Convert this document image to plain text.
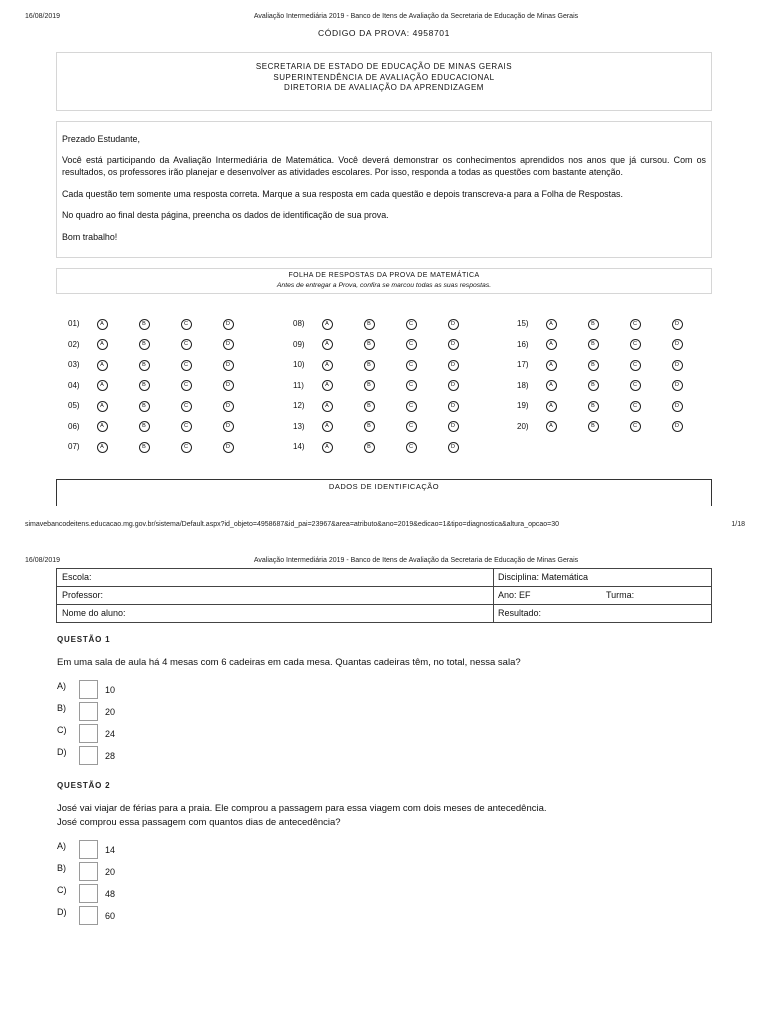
16/08/2019	Avaliação Intermediária 2019 - Banco de Itens de Avaliação da Secretaria de Educação de Minas Gerais
CÓDIGO DA PROVA: 4958701
SECRETARIA DE ESTADO DE EDUCAÇÃO DE MINAS GERAIS
SUPERINTENDÊNCIA DE AVALIAÇÃO EDUCACIONAL
DIRETORIA DE AVALIAÇÃO DA APRENDIZAGEM
Prezado Estudante,
Você está participando da Avaliação Intermediária de Matemática. Você deverá demonstrar os conhecimentos aprendidos nos anos que já cursou. Com os resultados, os professores irão planejar e desenvolver as atividades escolares. Por isso, responda a todas as questões com bastante atenção.
Cada questão tem somente uma resposta correta. Marque a sua resposta em cada questão e depois transcreva-a para a Folha de Respostas.
No quadro ao final desta página, preencha os dados de identificação de sua prova.
Bom trabalho!
FOLHA DE RESPOSTAS DA PROVA DE MATEMÁTICA
Antes de entregar a Prova, confira se marcou todas as suas respostas.
01)	A	B	C	D
02)	A	B	C	D
03)	A	B	C	D
04)	A	B	C	D
05)	A	B	C	D
06)	A	B	C	D
07)	A	B	C	D
08)	A	B	C	D
09)	A	B	C	D
10)	A	B	C	D
11)	A	B	C	D
12)	A	B	C	D
13)	A	B	C	D
14)	A	B	C	D
15)	A	B	C	D
16)	A	B	C	D
17)	A	B	C	D
18)	A	B	C	D
19)	A	B	C	D
20)	A	B	C	D
DADOS DE IDENTIFICAÇÃO
simavebancodeitens.educacao.mg.gov.br/sistema/Default.aspx?id_objeto=4958687&id_pai=23967&area=atributo&ano=2019&edicao=1&tipo=diagnostica&altura_opcao=30	1/18
16/08/2019	Avaliação Intermediária 2019 - Banco de Itens de Avaliação da Secretaria de Educação de Minas Gerais
Escola:	Disciplina: Matemática
Professor:	Ano: EF	Turma:
Nome do aluno:	Resultado:
QUESTÃO 1
Em uma sala de aula há 4 mesas com 6 cadeiras em cada mesa. Quantas cadeiras têm, no total, nessa sala?
A)	10
B)	20
C)	24
D)	28
QUESTÃO 2
José vai viajar de férias para a praia. Ele comprou a passagem para essa viagem com dois meses de antecedência.
José comprou essa passagem com quantos dias de antecedência?
A)	14
B)	20
C)	48
D)	60
